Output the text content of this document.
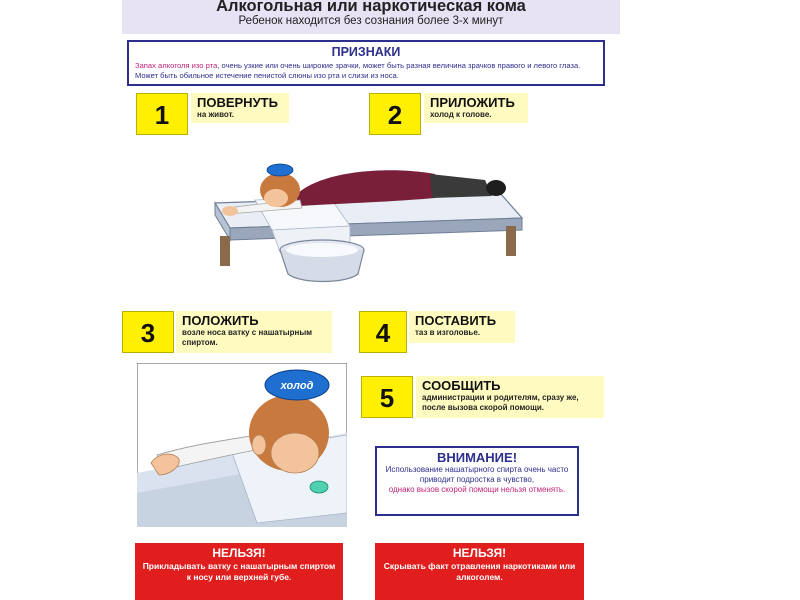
Алкогольная или наркотическая кома
Ребенок находится без сознания более 3-х минут
ПРИЗНАКИ
Запах алкоголя изо рта, очень узкие или очень широкие зрачки, может быть разная величина зрачков правого и левого глаза. Может быть обильное истечение пенистой слюны изо рта и слизи из носа.
1	ПОВЕРНУТЬ
на живот.	2	ПРИЛОЖИТЬ
холод к голове.
3	ПОЛОЖИТЬ
возле носа ватку с нашатырным спиртом.	4	ПОСТАВИТЬ
таз в изголовье.
5	СООБЩИТЬ
администрации и родителям, сразу же, после вызова скорой помощи.
холод
ВНИМАНИЕ!
Использование нашатырного спирта очень часто приводит подростка в чувство,
однако вызов скорой помощи нельзя отменять.
НЕЛЬЗЯ!
Прикладывать ватку с нашатырным спиртом к носу или верхней губе.
НЕЛЬЗЯ!
Скрывать факт отравления наркотиками или алкоголем.
